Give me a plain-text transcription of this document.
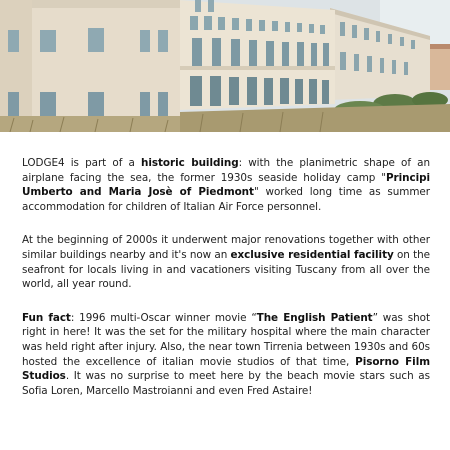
LODGE4 is part of a historic building: with the planimetric shape of an airplane facing the sea, the former 1930s seaside holiday camp "Principi Umberto and Maria Josè of Piedmont" worked long time as summer accommodation for children of Italian Air Force personnel.

At the beginning of 2000s it underwent major renovations together with other similar buildings nearby and it's now an exclusive residential facility on the seafront for locals living in and vacationers visiting Tuscany from all over the world, all year round.

Fun fact: 1996 multi-Oscar winner movie “The English Patient” was shot right in here! It was the set for the military hospital where the main character was held right after injury. Also, the near town Tirrenia between 1930s and 60s hosted the excellence of italian movie studios of that time, Pisorno Film Studios. It was no surprise to meet here by the beach movie stars such as Sofia Loren, Marcello Mastroianni and even Fred Astaire!
